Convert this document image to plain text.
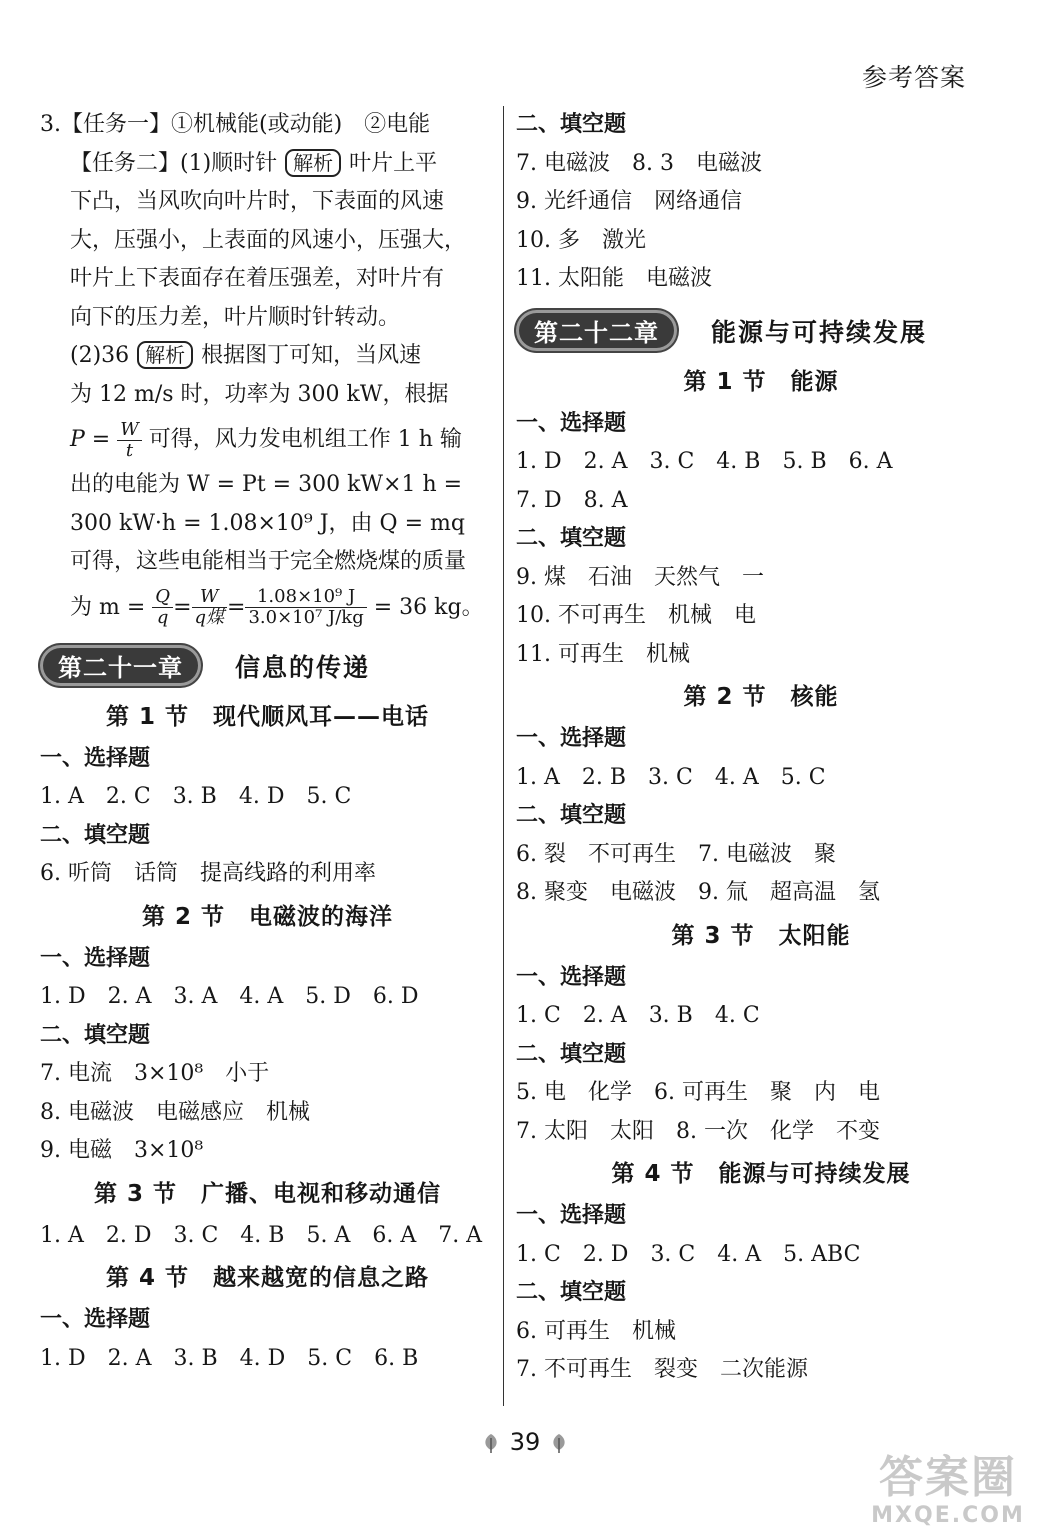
参考答案
3.【任务一】①机械能(或动能)　②电能
【任务二】(1)顺时针 解析 叶片上平
下凸，当风吹向叶片时，下表面的风速
大，压强小，上表面的风速小，压强大，
叶片上下表面存在着压强差，对叶片有
向下的压力差，叶片顺时针转动。
(2)36 解析 根据图丁可知，当风速
为 12 m/s 时，功率为 300 kW，根据
$P = \frac{W}{t}$ 可得，风力发电机组工作 1 h 输
出的电能为 W = Pt = 300 kW×1 h =
300 kW·h = 1.08×10⁹ J，由 Q = mq
可得，这些电能相当于完全燃烧煤的质量
为 $m = \frac{Q}{q} = \frac{W}{\text{q煤}} = \frac{\text{1.08×10⁹ J}}{\text{3.0×10⁷ J/kg}} = 36$ kg。
第二十一章	信息的传递
第 1 节　现代顺风耳——电话
一、选择题
1. A　2. C　3. B　4. D　5. C
二、填空题
6. 听筒　话筒　提高线路的利用率
第 2 节　电磁波的海洋
一、选择题
1. D　2. A　3. A　4. A　5. D　6. D
二、填空题
7. 电流　3×10⁸　小于
8. 电磁波　电磁感应　机械
9. 电磁　3×10⁸
第 3 节　广播、电视和移动通信
1. A　2. D　3. C　4. B　5. A　6. A　7. A
第 4 节　越来越宽的信息之路
一、选择题
1. D　2. A　3. B　4. D　5. C　6. B
二、填空题
7. 电磁波　8. 3　电磁波
9. 光纤通信　网络通信
10. 多　激光
11. 太阳能　电磁波
第二十二章	能源与可持续发展
第 1 节　能源
一、选择题
1. D　2. A　3. C　4. B　5. B　6. A
7. D　8. A
二、填空题
9. 煤　石油　天然气　一
10. 不可再生　机械　电
11. 可再生　机械
第 2 节　核能
一、选择题
1. A　2. B　3. C　4. A　5. C
二、填空题
6. 裂　不可再生　7. 电磁波　聚
8. 聚变　电磁波　9. 氚　超高温　氢
第 3 节　太阳能
一、选择题
1. C　2. A　3. B　4. C
二、填空题
5. 电　化学　6. 可再生　聚　内　电
7. 太阳　太阳　8. 一次　化学　不变
第 4 节　能源与可持续发展
一、选择题
1. C　2. D　3. C　4. A　5. ABC
二、填空题
6. 可再生　机械
7. 不可再生　裂变　二次能源
39
答案圈
MXQE.COM
